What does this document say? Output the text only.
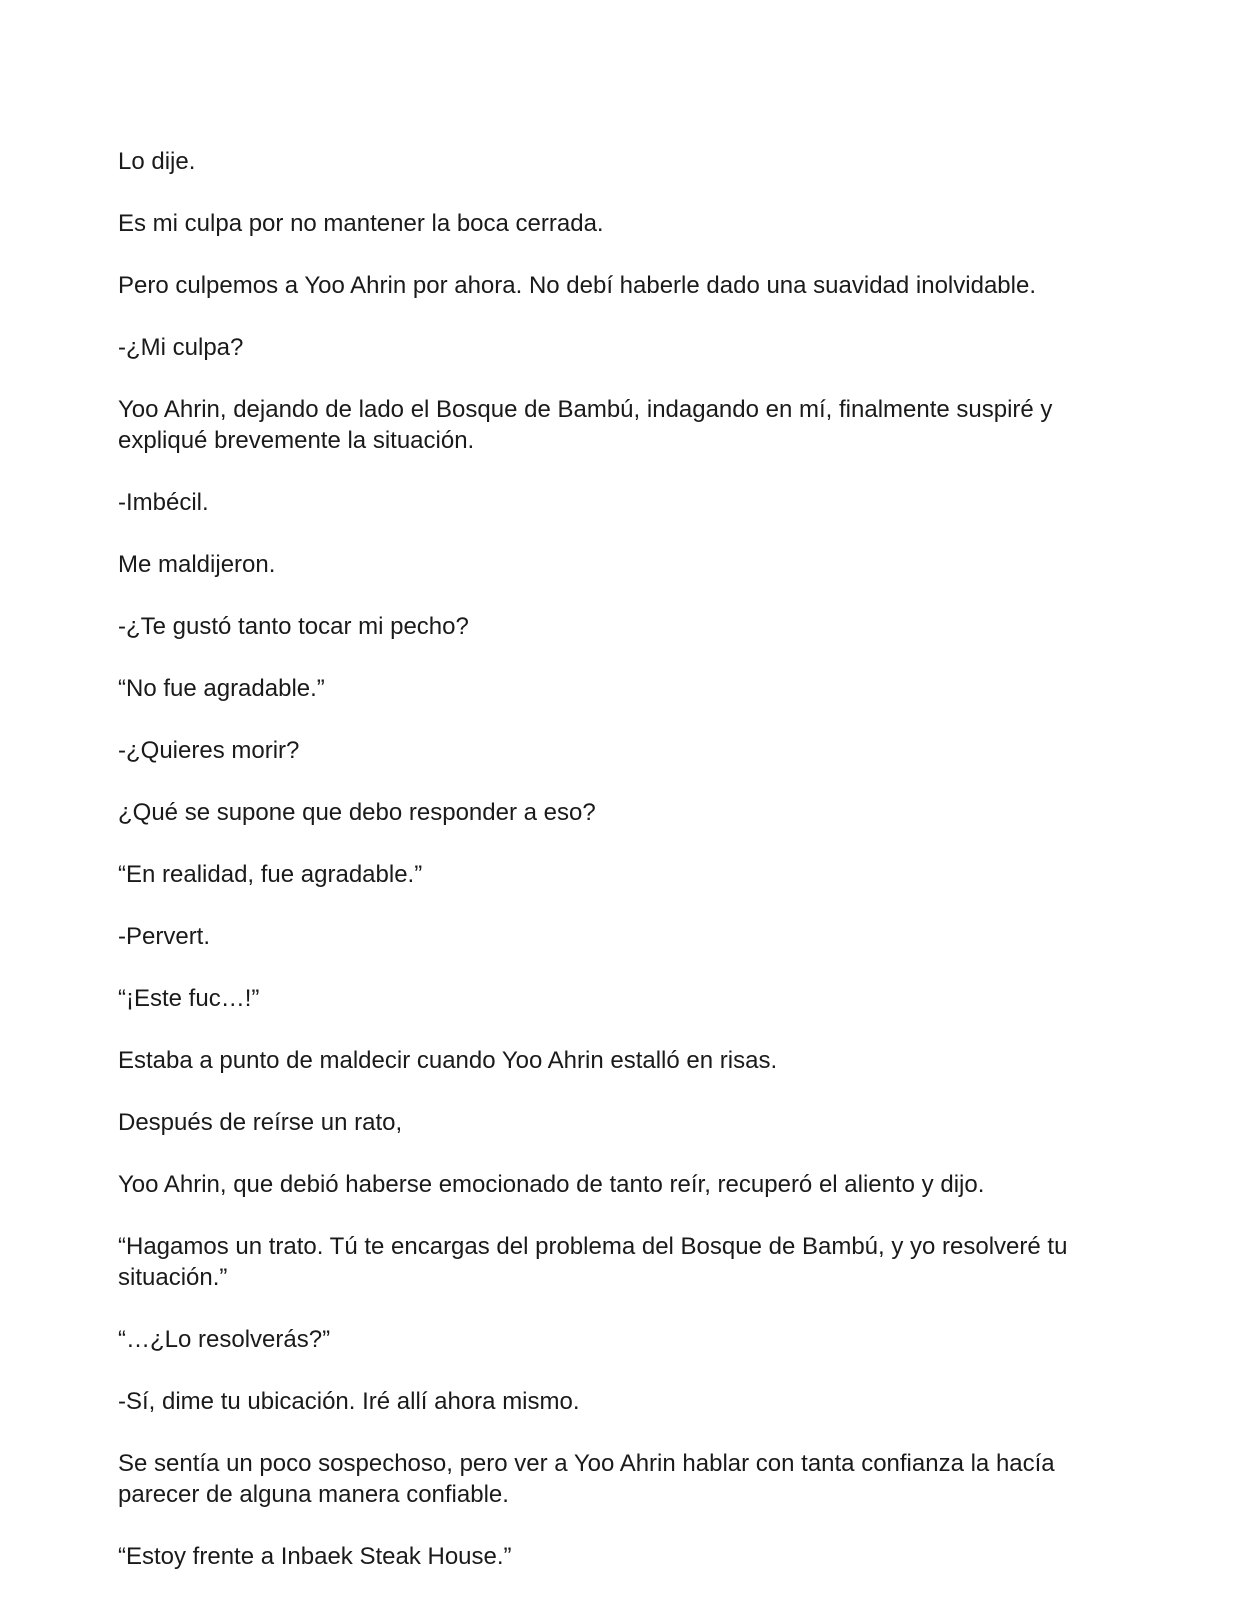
Lo dije.

Es mi culpa por no mantener la boca cerrada.

Pero culpemos a Yoo Ahrin por ahora. No debí haberle dado una suavidad inolvidable.

-¿Mi culpa?

Yoo Ahrin, dejando de lado el Bosque de Bambú, indagando en mí, finalmente suspiré y expliqué brevemente la situación.

-Imbécil.

Me maldijeron.

-¿Te gustó tanto tocar mi pecho?

“No fue agradable.”

-¿Quieres morir?

¿Qué se supone que debo responder a eso?

“En realidad, fue agradable.”

-Pervert.

“¡Este fuc…!”

Estaba a punto de maldecir cuando Yoo Ahrin estalló en risas.

Después de reírse un rato,

Yoo Ahrin, que debió haberse emocionado de tanto reír, recuperó el aliento y dijo.

“Hagamos un trato. Tú te encargas del problema del Bosque de Bambú, y yo resolveré tu situación.”

“…¿Lo resolverás?”

-Sí, dime tu ubicación. Iré allí ahora mismo.

Se sentía un poco sospechoso, pero ver a Yoo Ahrin hablar con tanta confianza la hacía parecer de alguna manera confiable.

“Estoy frente a Inbaek Steak House.”
